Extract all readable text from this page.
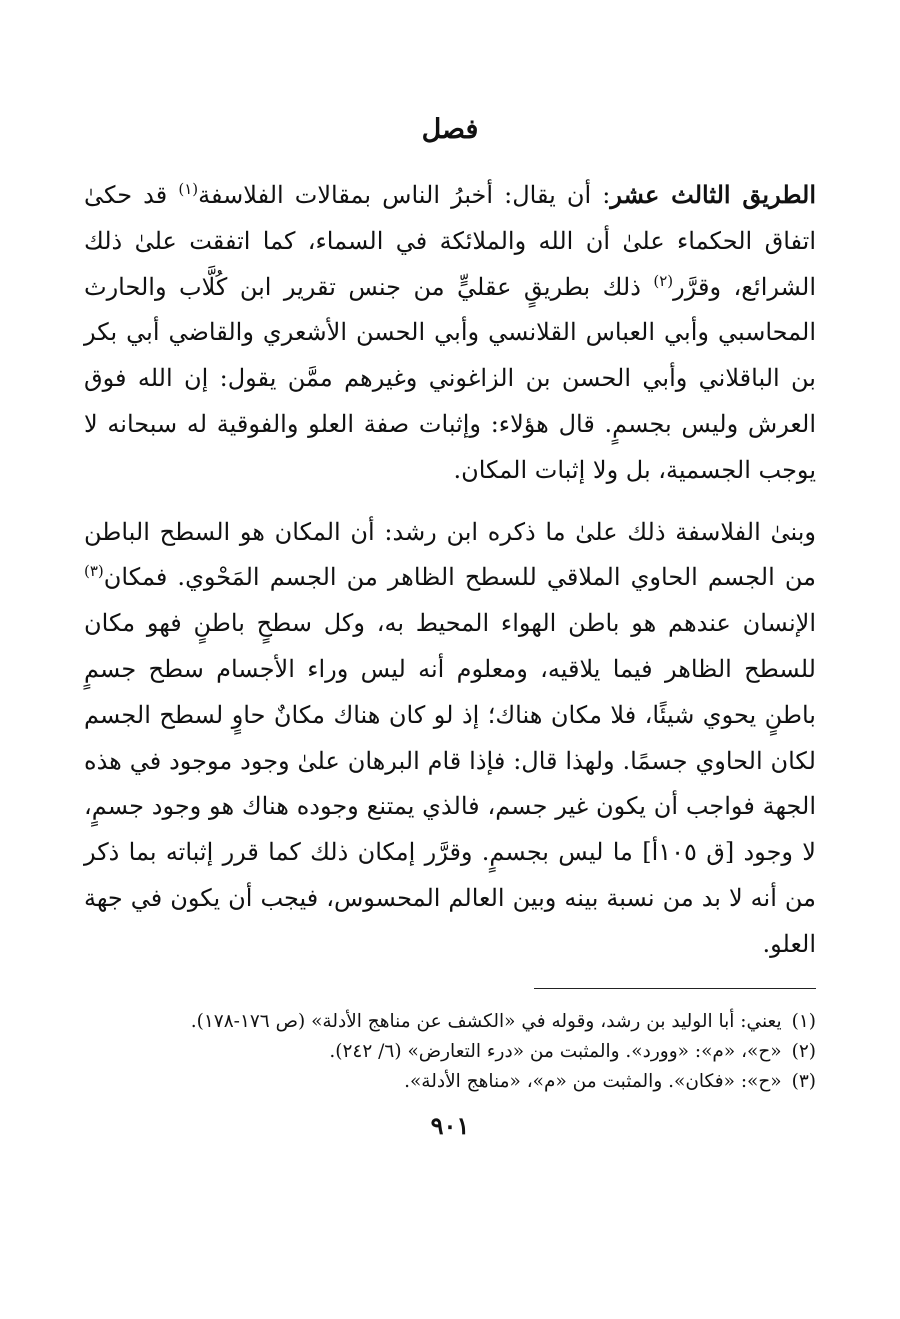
فصل

الطريق الثالث عشر: أن يقال: أخبرُ الناس بمقالات الفلاسفة$^{(١)}$ قد حكىٰ اتفاق الحكماء علىٰ أن الله والملائكة في السماء، كما اتفقت علىٰ ذلك الشرائع، وقرَّر$^{(٢)}$ ذلك بطريقٍ عقليٍّ من جنس تقرير ابن كُلَّاب والحارث المحاسبي وأبي العباس القلانسي وأبي الحسن الأشعري والقاضي أبي بكر بن الباقلاني وأبي الحسن بن الزاغوني وغيرهم ممَّن يقول: إن الله فوق العرش وليس بجسمٍ. قال هؤلاء: وإثبات صفة العلو والفوقية له سبحانه لا يوجب الجسمية، بل ولا إثبات المكان.

وبنىٰ الفلاسفة ذلك علىٰ ما ذكره ابن رشد: أن المكان هو السطح الباطن من الجسم الحاوي الملاقي للسطح الظاهر من الجسم المَحْوي. فمكان$^{(٣)}$ الإنسان عندهم هو باطن الهواء المحيط به، وكل سطحٍ باطنٍ فهو مكان للسطح الظاهر فيما يلاقيه، ومعلوم أنه ليس وراء الأجسام سطح جسمٍ باطنٍ يحوي شيئًا، فلا مكان هناك؛ إذ لو كان هناك مكانٌ حاوٍ لسطح الجسم لكان الحاوي جسمًا. ولهذا قال: فإذا قام البرهان علىٰ وجود موجود في هذه الجهة فواجب أن يكون غير جسم، فالذي يمتنع وجوده هناك هو وجود جسمٍ، لا وجود [ق ١٠٥أ] ما ليس بجسمٍ. وقرَّر إمكان ذلك كما قرر إثباته بما ذكر من أنه لا بد من نسبة بينه وبين العالم المحسوس، فيجب أن يكون في جهة العلو.

(١)
يعني: أبا الوليد بن رشد، وقوله في «الكشف عن مناهج الأدلة» (ص ١٧٦-١٧٨).
(٢)
«ح»، «م»: «وورد». والمثبت من «درء التعارض» (٦/ ٢٤٢).
(٣)
«ح»: «فكان». والمثبت من «م»، «مناهج الأدلة».
٩٠١
